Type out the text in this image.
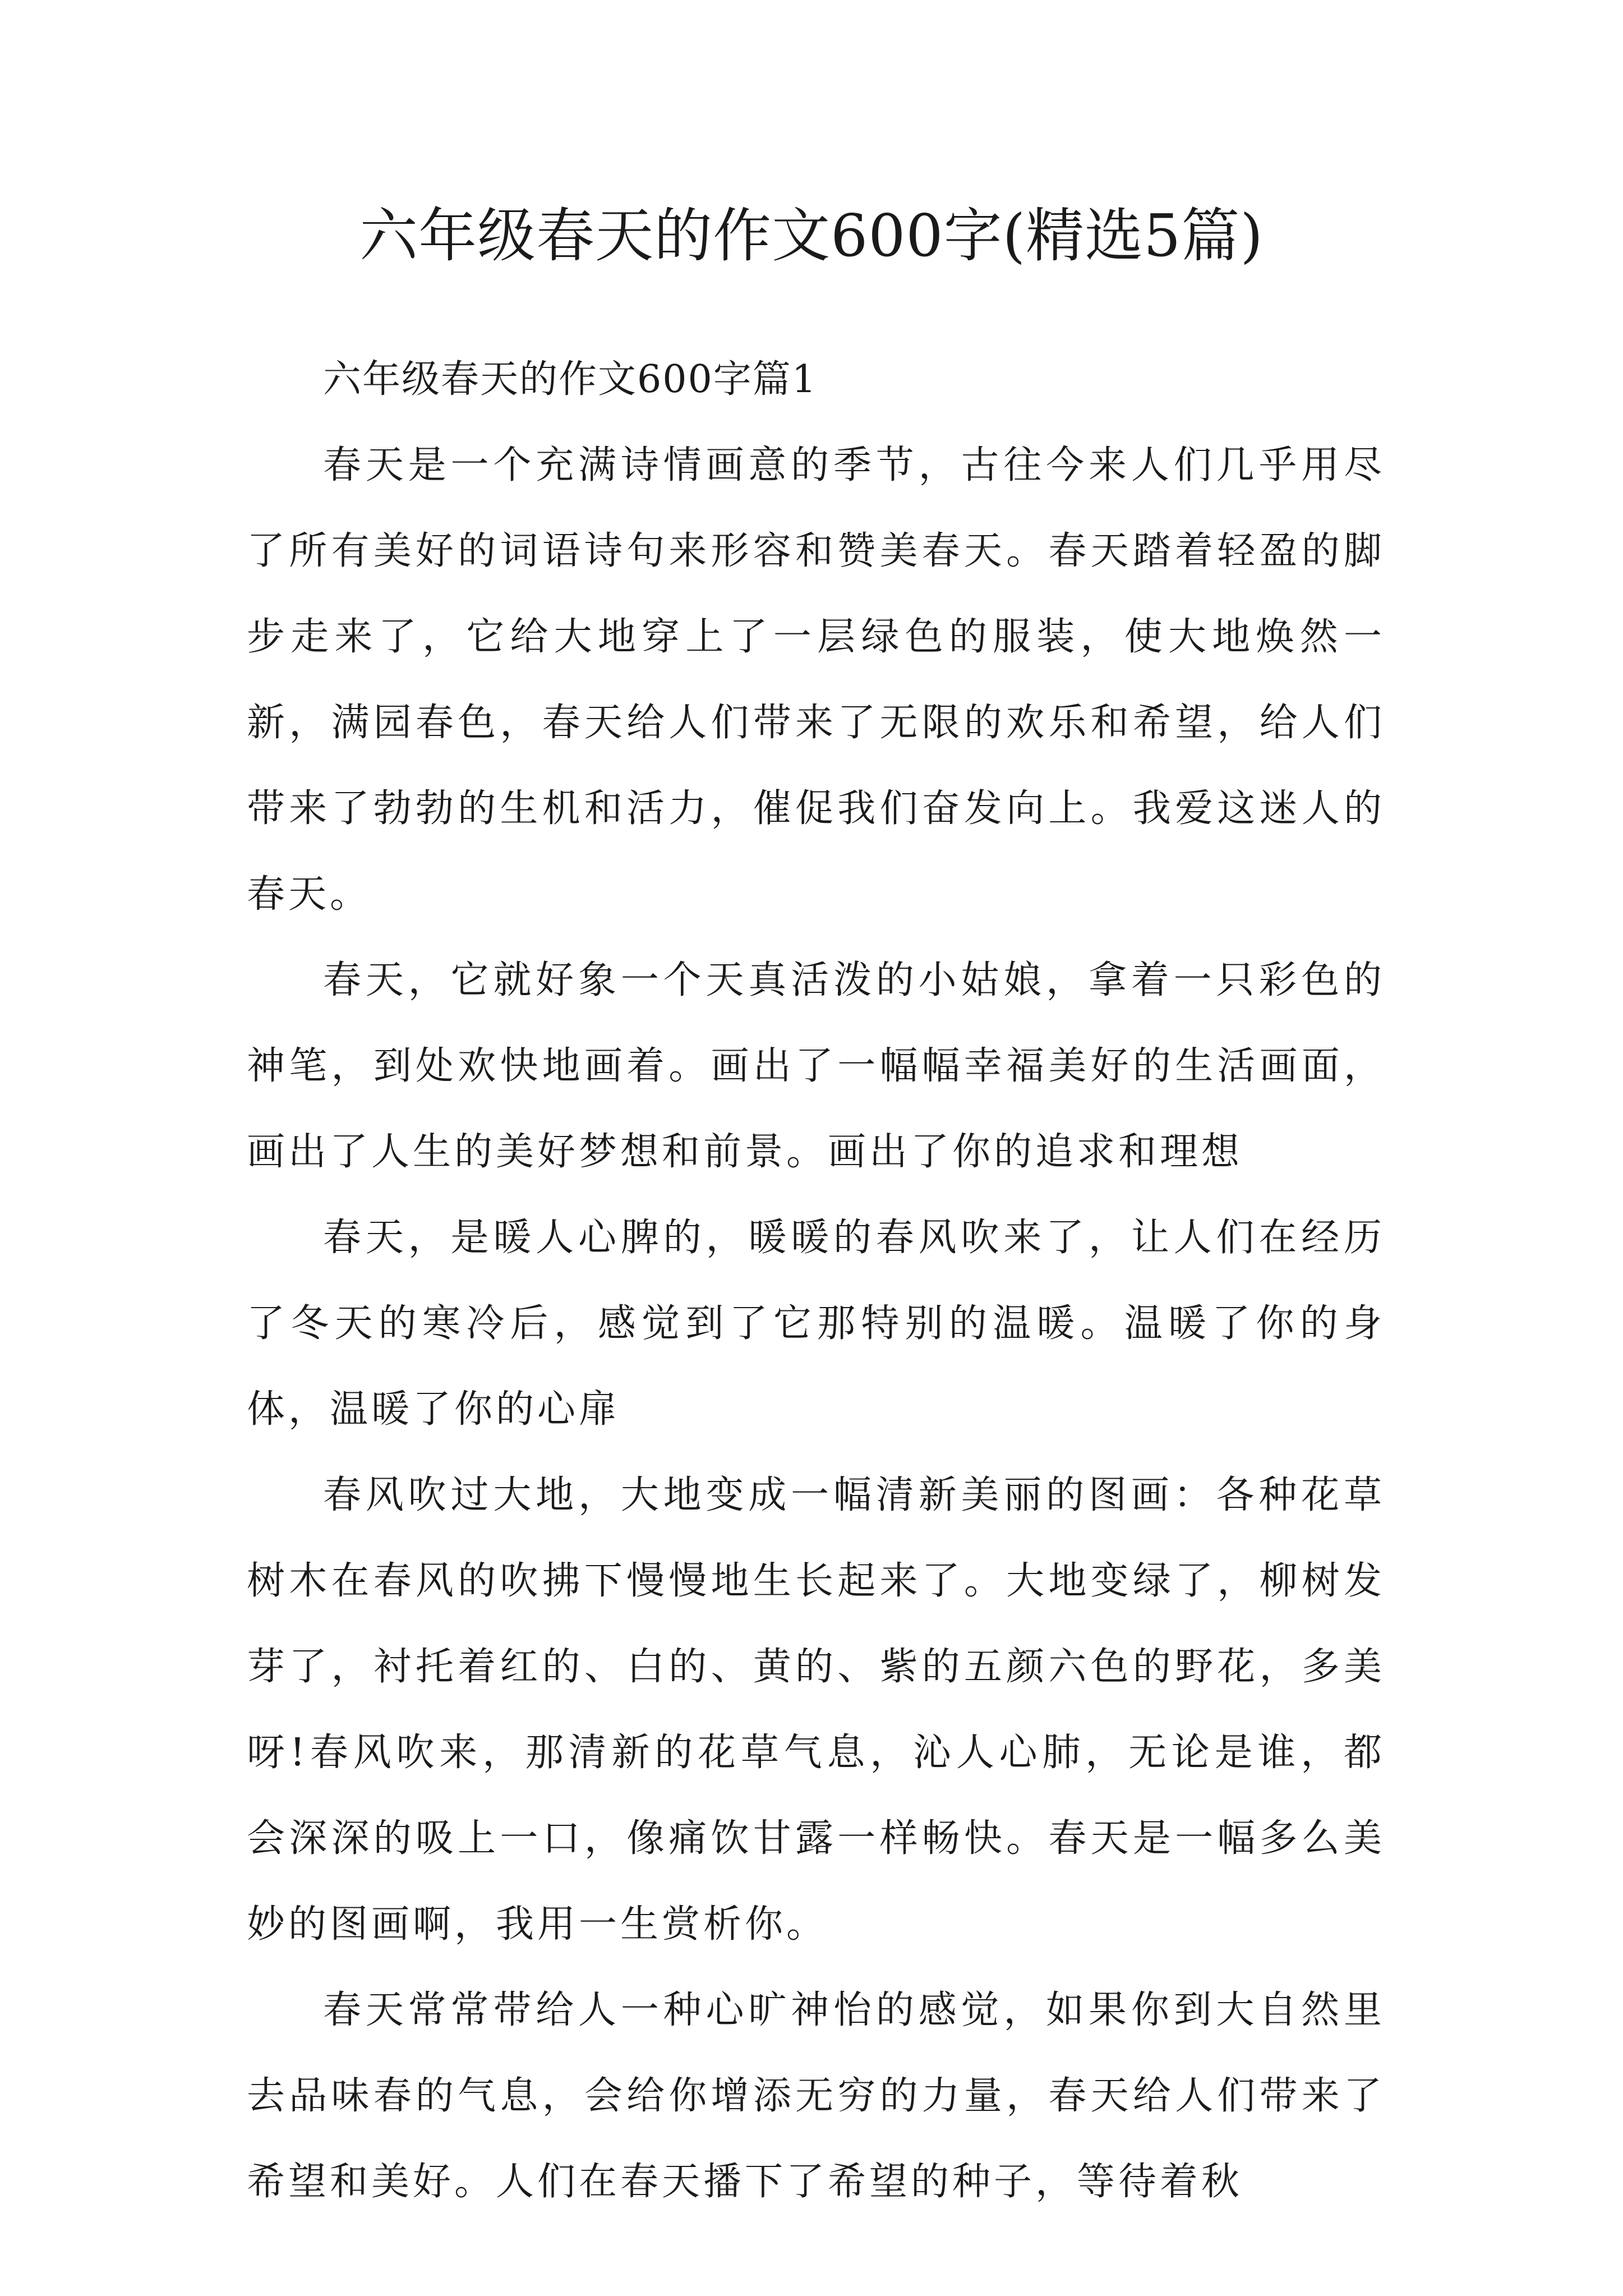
六年级春天的作文600字(精选5篇)

六年级春天的作文600字篇1

春天是一个充满诗情画意的季节，古往今来人们几乎用尽了所有美好的词语诗句来形容和赞美春天。春天踏着轻盈的脚步走来了，它给大地穿上了一层绿色的服装，使大地焕然一新，满园春色，春天给人们带来了无限的欢乐和希望，给人们带来了勃勃的生机和活力，催促我们奋发向上。我爱这迷人的春天。

春天，它就好象一个天真活泼的小姑娘，拿着一只彩色的神笔，到处欢快地画着。画出了一幅幅幸福美好的生活画面，画出了人生的美好梦想和前景。画出了你的追求和理想

春天，是暖人心脾的，暖暖的春风吹来了，让人们在经历了冬天的寒冷后，感觉到了它那特别的温暖。温暖了你的身体，温暖了你的心扉

春风吹过大地，大地变成一幅清新美丽的图画：各种花草树木在春风的吹拂下慢慢地生长起来了。大地变绿了，柳树发芽了，衬托着红的、白的、黄的、紫的五颜六色的野花，多美呀!春风吹来，那清新的花草气息，沁人心肺，无论是谁，都会深深的吸上一口，像痛饮甘露一样畅快。春天是一幅多么美妙的图画啊，我用一生赏析你。

春天常常带给人一种心旷神怡的感觉，如果你到大自然里去品味春的气息，会给你增添无穷的力量，春天给人们带来了希望和美好。人们在春天播下了希望的种子，等待着秋
